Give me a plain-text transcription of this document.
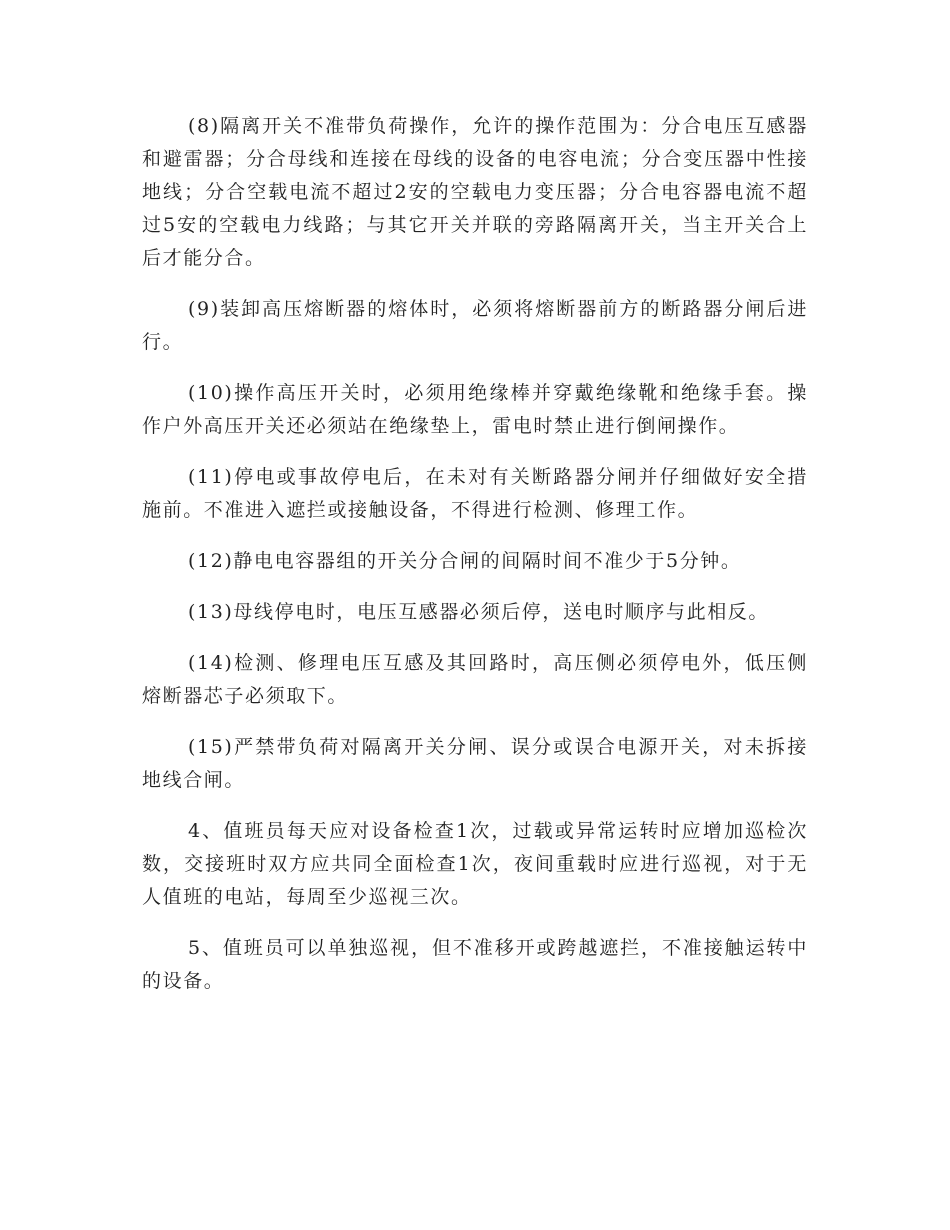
(8)隔离开关不准带负荷操作，允许的操作范围为：分合电压互感器和避雷器；分合母线和连接在母线的设备的电容电流；分合变压器中性接地线；分合空载电流不超过2安的空载电力变压器；分合电容器电流不超过5安的空载电力线路；与其它开关并联的旁路隔离开关，当主开关合上后才能分合。

(9)装卸高压熔断器的熔体时，必须将熔断器前方的断路器分闸后进行。

(10)操作高压开关时，必须用绝缘棒并穿戴绝缘靴和绝缘手套。操作户外高压开关还必须站在绝缘垫上，雷电时禁止进行倒闸操作。

(11)停电或事故停电后，在未对有关断路器分闸并仔细做好安全措施前。不准进入遮拦或接触设备，不得进行检测、修理工作。

(12)静电电容器组的开关分合闸的间隔时间不准少于5分钟。

(13)母线停电时，电压互感器必须后停，送电时顺序与此相反。

(14)检测、修理电压互感及其回路时，高压侧必须停电外，低压侧熔断器芯子必须取下。

(15)严禁带负荷对隔离开关分闸、误分或误合电源开关，对未拆接地线合闸。

4、值班员每天应对设备检查1次，过载或异常运转时应增加巡检次数，交接班时双方应共同全面检查1次，夜间重载时应进行巡视，对于无人值班的电站，每周至少巡视三次。

5、值班员可以单独巡视，但不准移开或跨越遮拦，不准接触运转中的设备。
